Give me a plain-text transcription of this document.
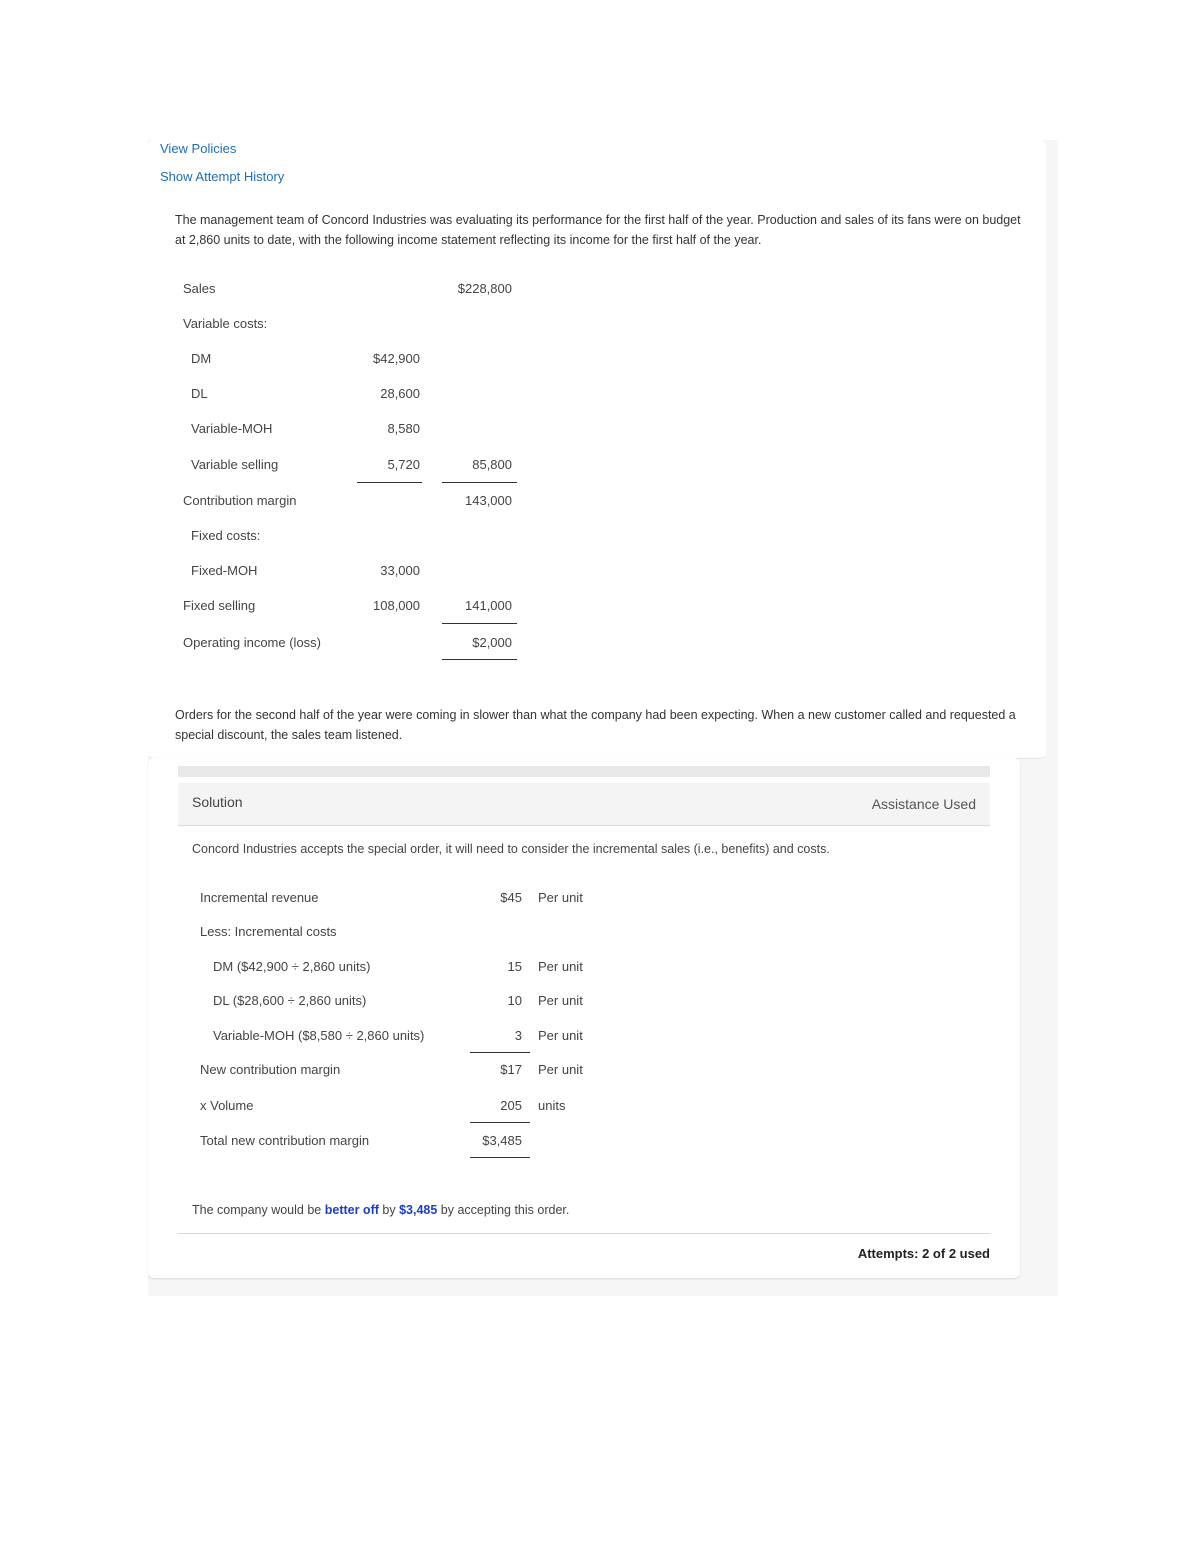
View Policies
Show Attempt History
The management team of Concord Industries was evaluating its performance for the first half of the year. Production and sales of its fans were on budget at 2,860 units to date, with the following income statement reflecting its income for the first half of the year.
Sales	$228,800
Variable costs:
DM	$42,900
DL	28,600
Variable-MOH	8,580
Variable selling	5,720	85,800
Contribution margin	143,000
Fixed costs:
Fixed-MOH	33,000
Fixed selling	108,000	141,000
Operating income (loss)	$2,000
Orders for the second half of the year were coming in slower than what the company had been expecting. When a new customer called and requested a special discount, the sales team listened.
Solution	Assistance Used
Concord Industries accepts the special order, it will need to consider the incremental sales (i.e., benefits) and costs.
Incremental revenue	$45 Per unit
Less: Incremental costs
DM ($42,900 ÷ 2,860 units)	15 Per unit
DL ($28,600 ÷ 2,860 units)	10 Per unit
Variable-MOH ($8,580 ÷ 2,860 units)	3 Per unit
New contribution margin	$17 Per unit
x Volume	205 units
Total new contribution margin	$3,485
The company would be better off by $3,485 by accepting this order.
Attempts: 2 of 2 used
